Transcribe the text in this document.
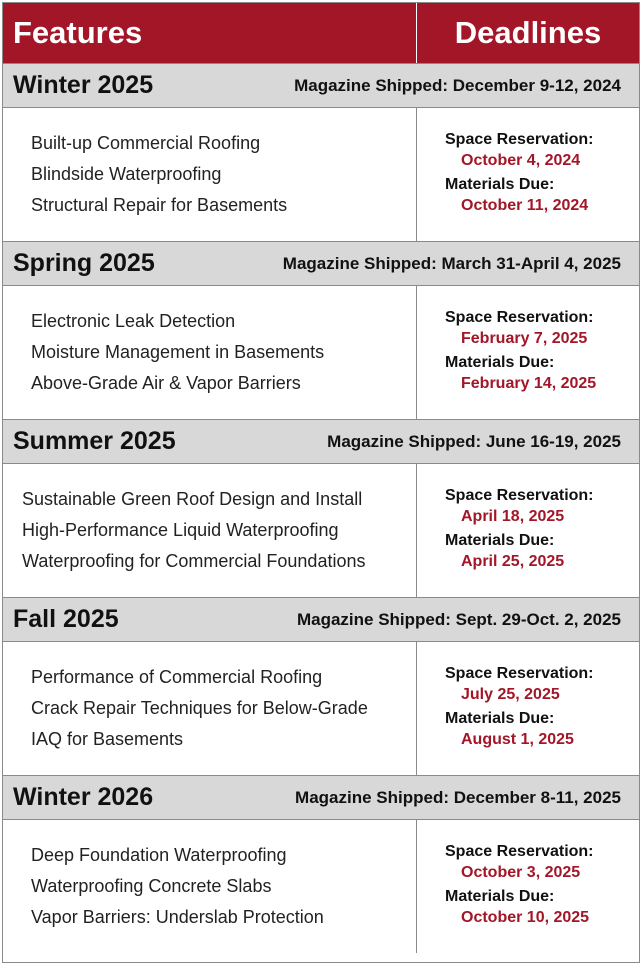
Features	Deadlines
Winter 2025	Magazine Shipped: December 9-12, 2024
Built-up Commercial Roofing
Blindside Waterproofing
Structural Repair for Basements
Space Reservation:
October 4, 2024
Materials Due:
October 11, 2024
Spring 2025	Magazine Shipped: March 31-April 4, 2025
Electronic Leak Detection
Moisture Management in Basements
Above-Grade Air & Vapor Barriers
Space Reservation:
February 7, 2025
Materials Due:
February 14, 2025
Summer 2025	Magazine Shipped: June 16-19, 2025
Sustainable Green Roof Design and Install
High-Performance Liquid Waterproofing
Waterproofing for Commercial Foundations
Space Reservation:
April 18, 2025
Materials Due:
April 25, 2025
Fall 2025	Magazine Shipped: Sept. 29-Oct. 2, 2025
Performance of Commercial Roofing
Crack Repair Techniques for Below-Grade
IAQ for Basements
Space Reservation:
July 25, 2025
Materials Due:
August 1, 2025
Winter 2026	Magazine Shipped: December 8-11, 2025
Deep Foundation Waterproofing
Waterproofing Concrete Slabs
Vapor Barriers: Underslab Protection
Space Reservation:
October 3, 2025
Materials Due:
October 10, 2025
